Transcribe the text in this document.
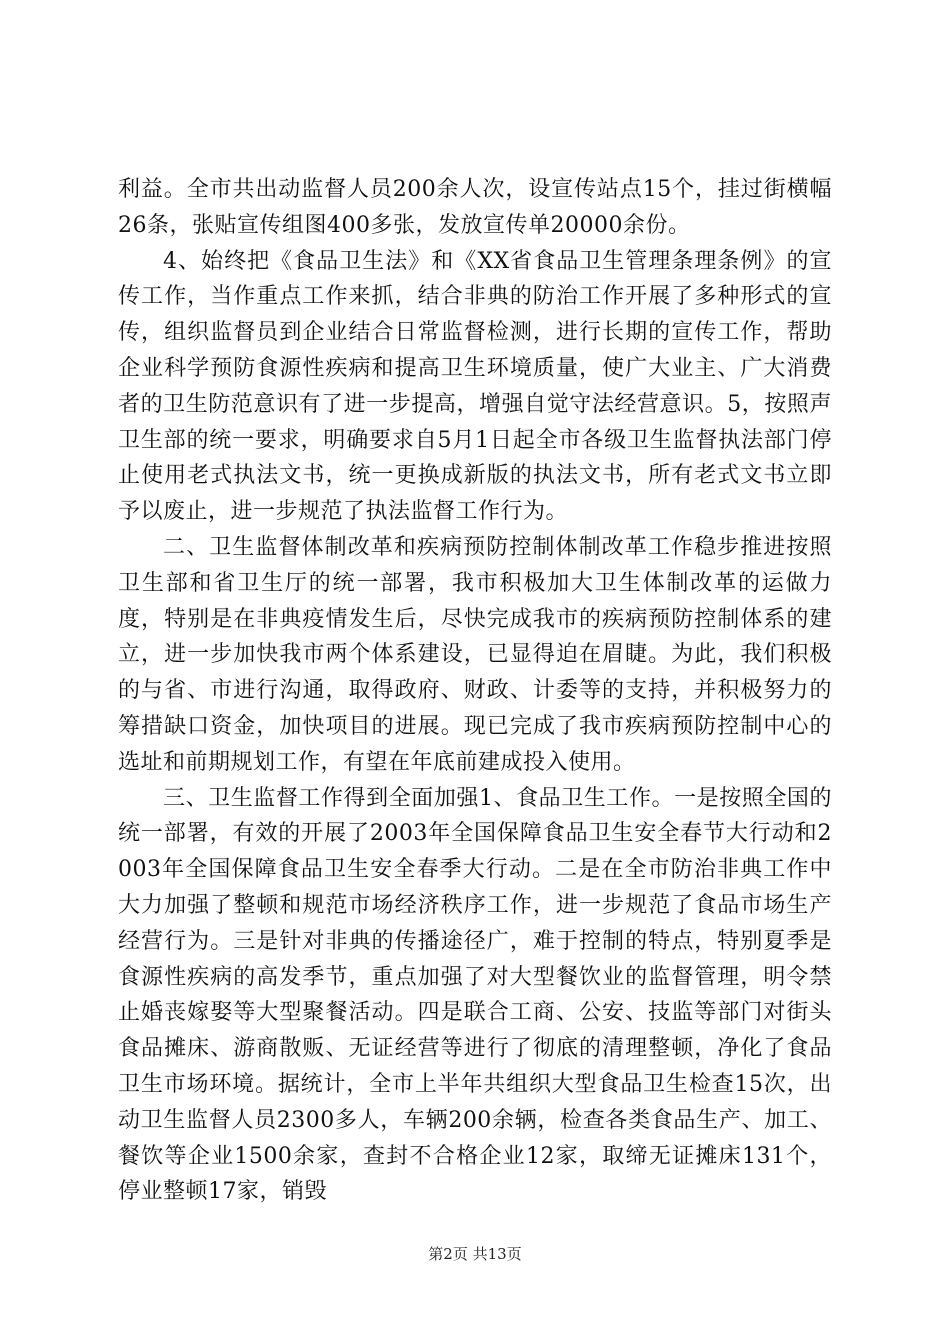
利益。全市共出动监督人员200余人次，设宣传站点15个，挂过街横幅26条，张贴宣传组图400多张，发放宣传单20000余份。

4、始终把《食品卫生法》和《XX省食品卫生管理条理条例》的宣传工作，当作重点工作来抓，结合非典的防治工作开展了多种形式的宣传，组织监督员到企业结合日常监督检测，进行长期的宣传工作，帮助企业科学预防食源性疾病和提高卫生环境质量，使广大业主、广大消费者的卫生防范意识有了进一步提高，增强自觉守法经营意识。5，按照声卫生部的统一要求，明确要求自5月1日起全市各级卫生监督执法部门停止使用老式执法文书，统一更换成新版的执法文书，所有老式文书立即予以废止，进一步规范了执法监督工作行为。

二、卫生监督体制改革和疾病预防控制体制改革工作稳步推进按照卫生部和省卫生厅的统一部署，我市积极加大卫生体制改革的运做力度，特别是在非典疫情发生后，尽快完成我市的疾病预防控制体系的建立，进一步加快我市两个体系建设，已显得迫在眉睫。为此，我们积极的与省、市进行沟通，取得政府、财政、计委等的支持，并积极努力的筹措缺口资金，加快项目的进展。现已完成了我市疾病预防控制中心的选址和前期规划工作，有望在年底前建成投入使用。

三、卫生监督工作得到全面加强1、食品卫生工作。一是按照全国的统一部署，有效的开展了2003年全国保障食品卫生安全春节大行动和2003年全国保障食品卫生安全春季大行动。二是在全市防治非典工作中大力加强了整顿和规范市场经济秩序工作，进一步规范了食品市场生产经营行为。三是针对非典的传播途径广，难于控制的特点，特别夏季是食源性疾病的高发季节，重点加强了对大型餐饮业的监督管理，明令禁止婚丧嫁娶等大型聚餐活动。四是联合工商、公安、技监等部门对街头食品摊床、游商散贩、无证经营等进行了彻底的清理整顿，净化了食品卫生市场环境。据统计，全市上半年共组织大型食品卫生检查15次，出动卫生监督人员2300多人，车辆200余辆，检查各类食品生产、加工、餐饮等企业1500余家，查封不合格企业12家，取缔无证摊床131个，停业整顿17家，销毁

第2页 共13页
